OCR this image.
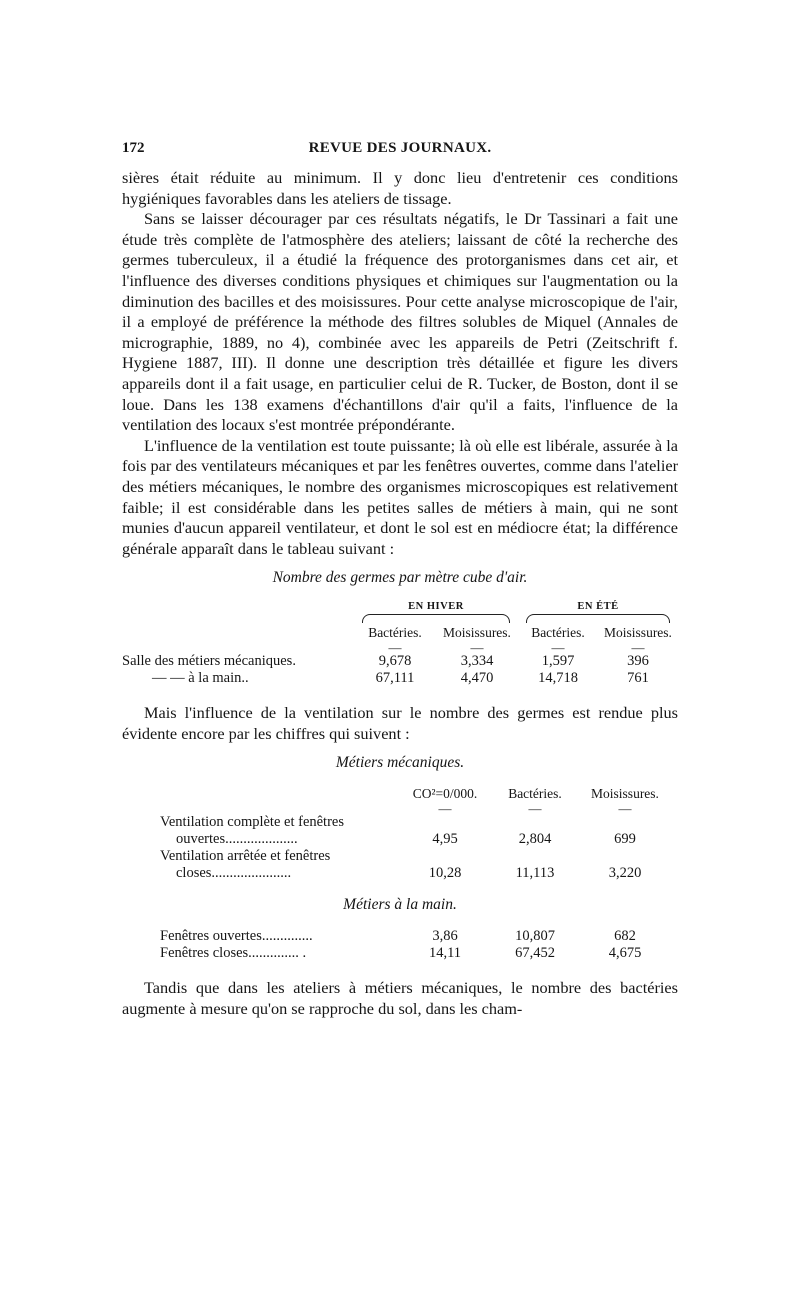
172	REVUE DES JOURNAUX.

sières était réduite au minimum. Il y donc lieu d'entretenir ces conditions hygiéniques favorables dans les ateliers de tissage.

Sans se laisser décourager par ces résultats négatifs, le Dr Tassinari a fait une étude très complète de l'atmosphère des ateliers; laissant de côté la recherche des germes tuberculeux, il a étudié la fréquence des protorganismes dans cet air, et l'influence des diverses conditions physiques et chimiques sur l'augmentation ou la diminution des bacilles et des moisissures. Pour cette analyse microscopique de l'air, il a employé de préférence la méthode des filtres solubles de Miquel (Annales de micrographie, 1889, no 4), combinée avec les appareils de Petri (Zeitschrift f. Hygiene 1887, III). Il donne une description très détaillée et figure les divers appareils dont il a fait usage, en particulier celui de R. Tucker, de Boston, dont il se loue. Dans les 138 examens d'échantillons d'air qu'il a faits, l'influence de la ventilation des locaux s'est montrée prépondérante.

L'influence de la ventilation est toute puissante; là où elle est libérale, assurée à la fois par des ventilateurs mécaniques et par les fenêtres ouvertes, comme dans l'atelier des métiers mécaniques, le nombre des organismes microscopiques est relativement faible; il est considérable dans les petites salles de métiers à main, qui ne sont munies d'aucun appareil ventilateur, et dont le sol est en médiocre état; la différence générale apparaît dans le tableau suivant :

Nombre des germes par mètre cube d'air.
	EN HIVER		EN ÉTÉ	

	Bactéries.	Moisissures.	Bactéries.	Moisissures.
	—	—	—	—
Salle des métiers mécaniques.	9,678	3,334	1,597	396
— — à la main..	67,111	4,470	14,718	761

Mais l'influence de la ventilation sur le nombre des germes est rendue plus évidente encore par les chiffres qui suivent :

Métiers mécaniques.
	CO²=0/000.	Bactéries.	Moisissures.
	—	—	—
Ventilation complète et fenêtres			
ouvertes....................	4,95	2,804	699
Ventilation arrêtée et fenêtres			
closes......................	10,28	11,113	3,220
Métiers à la main.
Fenêtres ouvertes..............	3,86	10,807	682
Fenêtres closes.............. .	14,11	67,452	4,675

Tandis que dans les ateliers à métiers mécaniques, le nombre des bactéries augmente à mesure qu'on se rapproche du sol, dans les cham-
